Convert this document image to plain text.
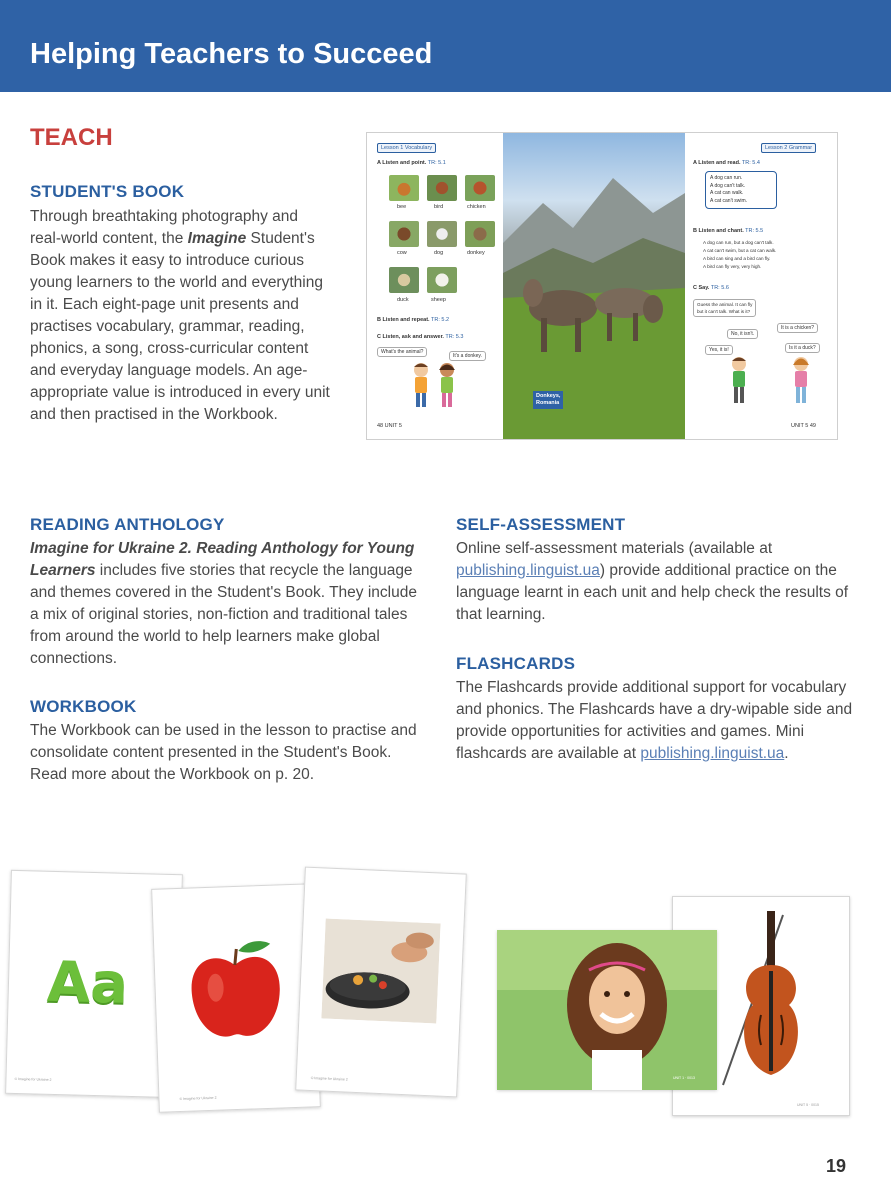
Helping Teachers to Succeed
TEACH
STUDENT'S BOOK

Through breathtaking photography and real-world content, the Imagine Student's Book makes it easy to introduce curious young learners to the world and everything in it. Each eight-page unit presents and practises vocabulary, grammar, reading, phonics, a song, cross-curricular content and everyday language models. An age-appropriate value is introduced in every unit and then practised in the Workbook.

Lesson 1 Vocabulary
A Listen and point. TR: 5.1
bee	bird	chicken
cow	dog	donkey
duck	sheep
B Listen and repeat. TR: 5.2
C Listen, ask and answer. TR: 5.3
What's the animal?
It's a donkey.
48 UNIT 5
Donkeys,
Romania
Lesson 2 Grammar
A Listen and read. TR: 5.4
A dog can run.
A dog can't talk.
A cat can walk.
A cat can't swim.
B Listen and chant. TR: 5.5
A dog can run, but a dog can't talk.
A cat can't swim, but a cat can walk.
A bird can sing and a bird can fly.
A bird can fly very, very high.
C Say. TR: 5.6
Guess the animal. It can fly
but it can't talk. What is it?
It is a chicken?
No, it isn't.
Is it a duck?
Yes, it is!
UNIT 5 49
READING ANTHOLOGY

Imagine for Ukraine 2. Reading Anthology for Young Learners includes five stories that recycle the language and themes covered in the Student's Book. They include a mix of original stories, non-fiction and traditional tales from around the world to help learners make global connections.

WORKBOOK

The Workbook can be used in the lesson to practise and consolidate content presented in the Student's Book. Read more about the Workbook on p. 20.

SELF-ASSESSMENT

Online self-assessment materials (available at publishing.linguist.ua) provide additional practice on the language learnt in each unit and help check the results of that learning.

FLASHCARDS

The Flashcards provide additional support for vocabulary and phonics. The Flashcards have a dry-wipable side and provide opportunities for activities and games. Mini flashcards are available at publishing.linguist.ua.

Aa
© Imagine for Ukraine 2
© Imagine for Ukraine 2
© Imagine for Ukraine 2
UNIT 5 · 0015
UNIT 1 · 0013
19
